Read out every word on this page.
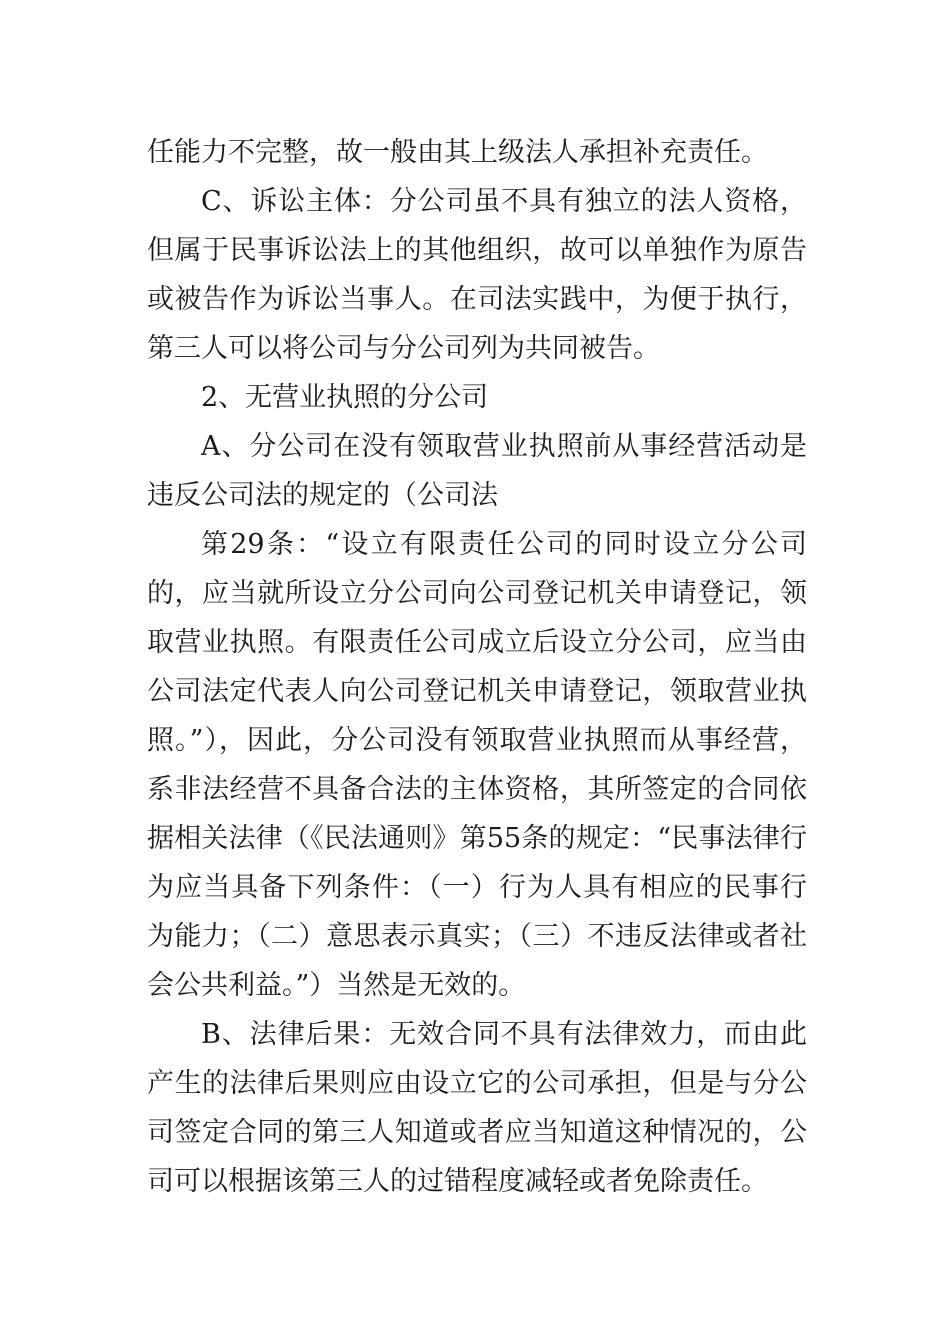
任能力不完整，故一般由其上级法人承担补充责任。

C、诉讼主体：分公司虽不具有独立的法人资格，但属于民事诉讼法上的其他组织，故可以单独作为原告或被告作为诉讼当事人。在司法实践中，为便于执行，第三人可以将公司与分公司列为共同被告。

2、无营业执照的分公司

A、分公司在没有领取营业执照前从事经营活动是违反公司法的规定的（公司法

第29条：“设立有限责任公司的同时设立分公司的，应当就所设立分公司向公司登记机关申请登记，领取营业执照。有限责任公司成立后设立分公司，应当由公司法定代表人向公司登记机关申请登记，领取营业执照。”），因此，分公司没有领取营业执照而从事经营，系非法经营不具备合法的主体资格，其所签定的合同依据相关法律（《民法通则》第55条的规定：“民事法律行为应当具备下列条件：（一）行为人具有相应的民事行为能力；（二）意思表示真实；（三）不违反法律或者社会公共利益。”）当然是无效的。

B、法律后果：无效合同不具有法律效力，而由此产生的法律后果则应由设立它的公司承担，但是与分公司签定合同的第三人知道或者应当知道这种情况的，公司可以根据该第三人的过错程度减轻或者免除责任。
